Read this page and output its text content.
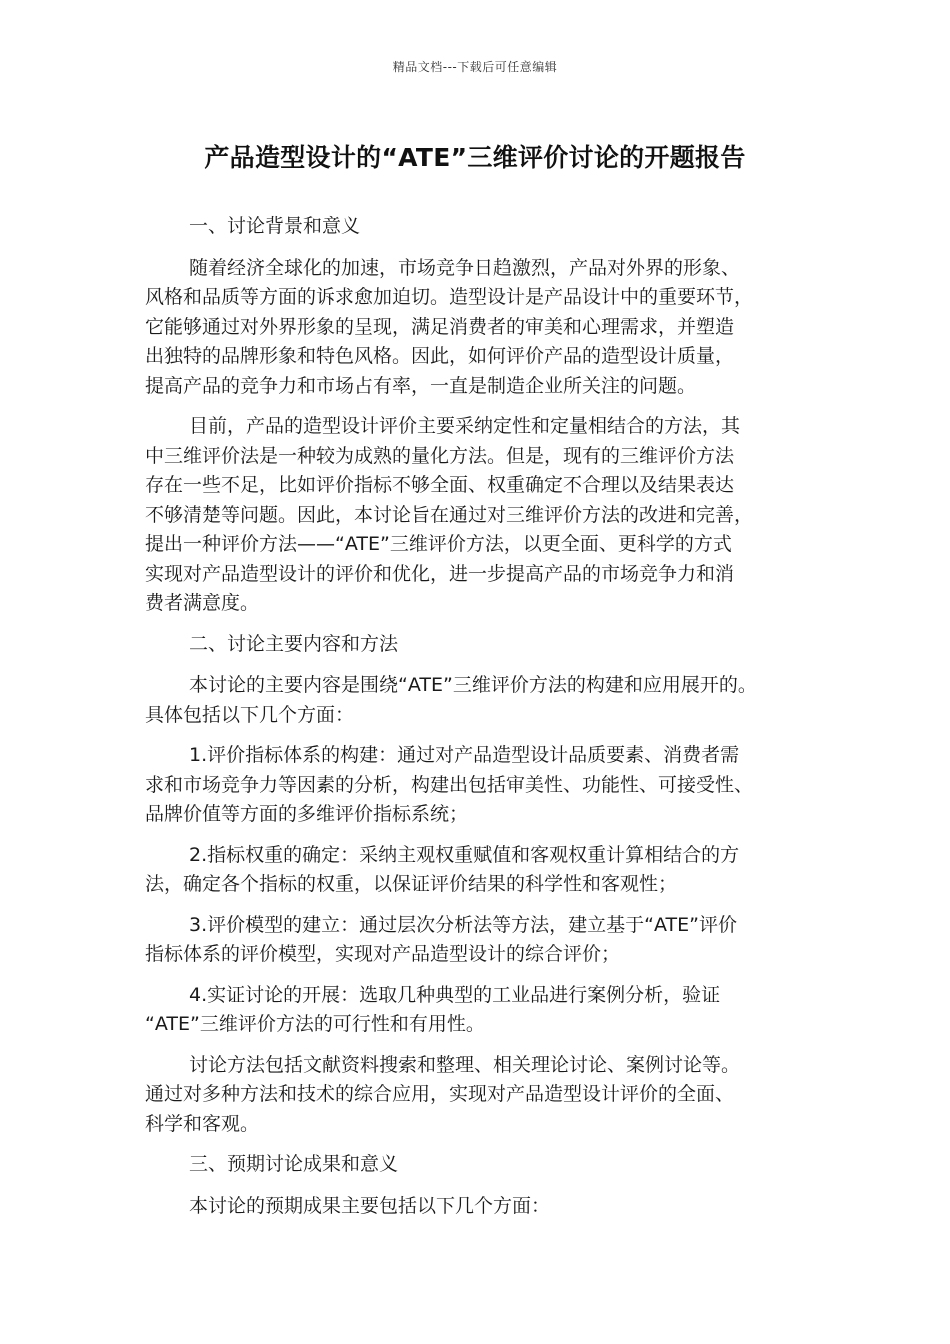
精品文档---下载后可任意编辑
产品造型设计的“ATE”三维评价讨论的开题报告
一、讨论背景和意义
随着经济全球化的加速，市场竞争日趋激烈，产品对外界的形象、
风格和品质等方面的诉求愈加迫切。造型设计是产品设计中的重要环节，
它能够通过对外界形象的呈现，满足消费者的审美和心理需求，并塑造
出独特的品牌形象和特色风格。因此，如何评价产品的造型设计质量，
提高产品的竞争力和市场占有率，一直是制造企业所关注的问题。
目前，产品的造型设计评价主要采纳定性和定量相结合的方法，其
中三维评价法是一种较为成熟的量化方法。但是，现有的三维评价方法
存在一些不足，比如评价指标不够全面、权重确定不合理以及结果表达
不够清楚等问题。因此，本讨论旨在通过对三维评价方法的改进和完善，
提出一种评价方法——“ATE”三维评价方法，以更全面、更科学的方式
实现对产品造型设计的评价和优化，进一步提高产品的市场竞争力和消
费者满意度。
二、讨论主要内容和方法
本讨论的主要内容是围绕“ATE”三维评价方法的构建和应用展开的。
具体包括以下几个方面：
1.评价指标体系的构建：通过对产品造型设计品质要素、消费者需
求和市场竞争力等因素的分析，构建出包括审美性、功能性、可接受性、
品牌价值等方面的多维评价指标系统；
2.指标权重的确定：采纳主观权重赋值和客观权重计算相结合的方
法，确定各个指标的权重，以保证评价结果的科学性和客观性；
3.评价模型的建立：通过层次分析法等方法，建立基于“ATE”评价
指标体系的评价模型，实现对产品造型设计的综合评价；
4.实证讨论的开展：选取几种典型的工业品进行案例分析，验证
“ATE”三维评价方法的可行性和有用性。
讨论方法包括文献资料搜索和整理、相关理论讨论、案例讨论等。
通过对多种方法和技术的综合应用，实现对产品造型设计评价的全面、
科学和客观。
三、预期讨论成果和意义
本讨论的预期成果主要包括以下几个方面：
